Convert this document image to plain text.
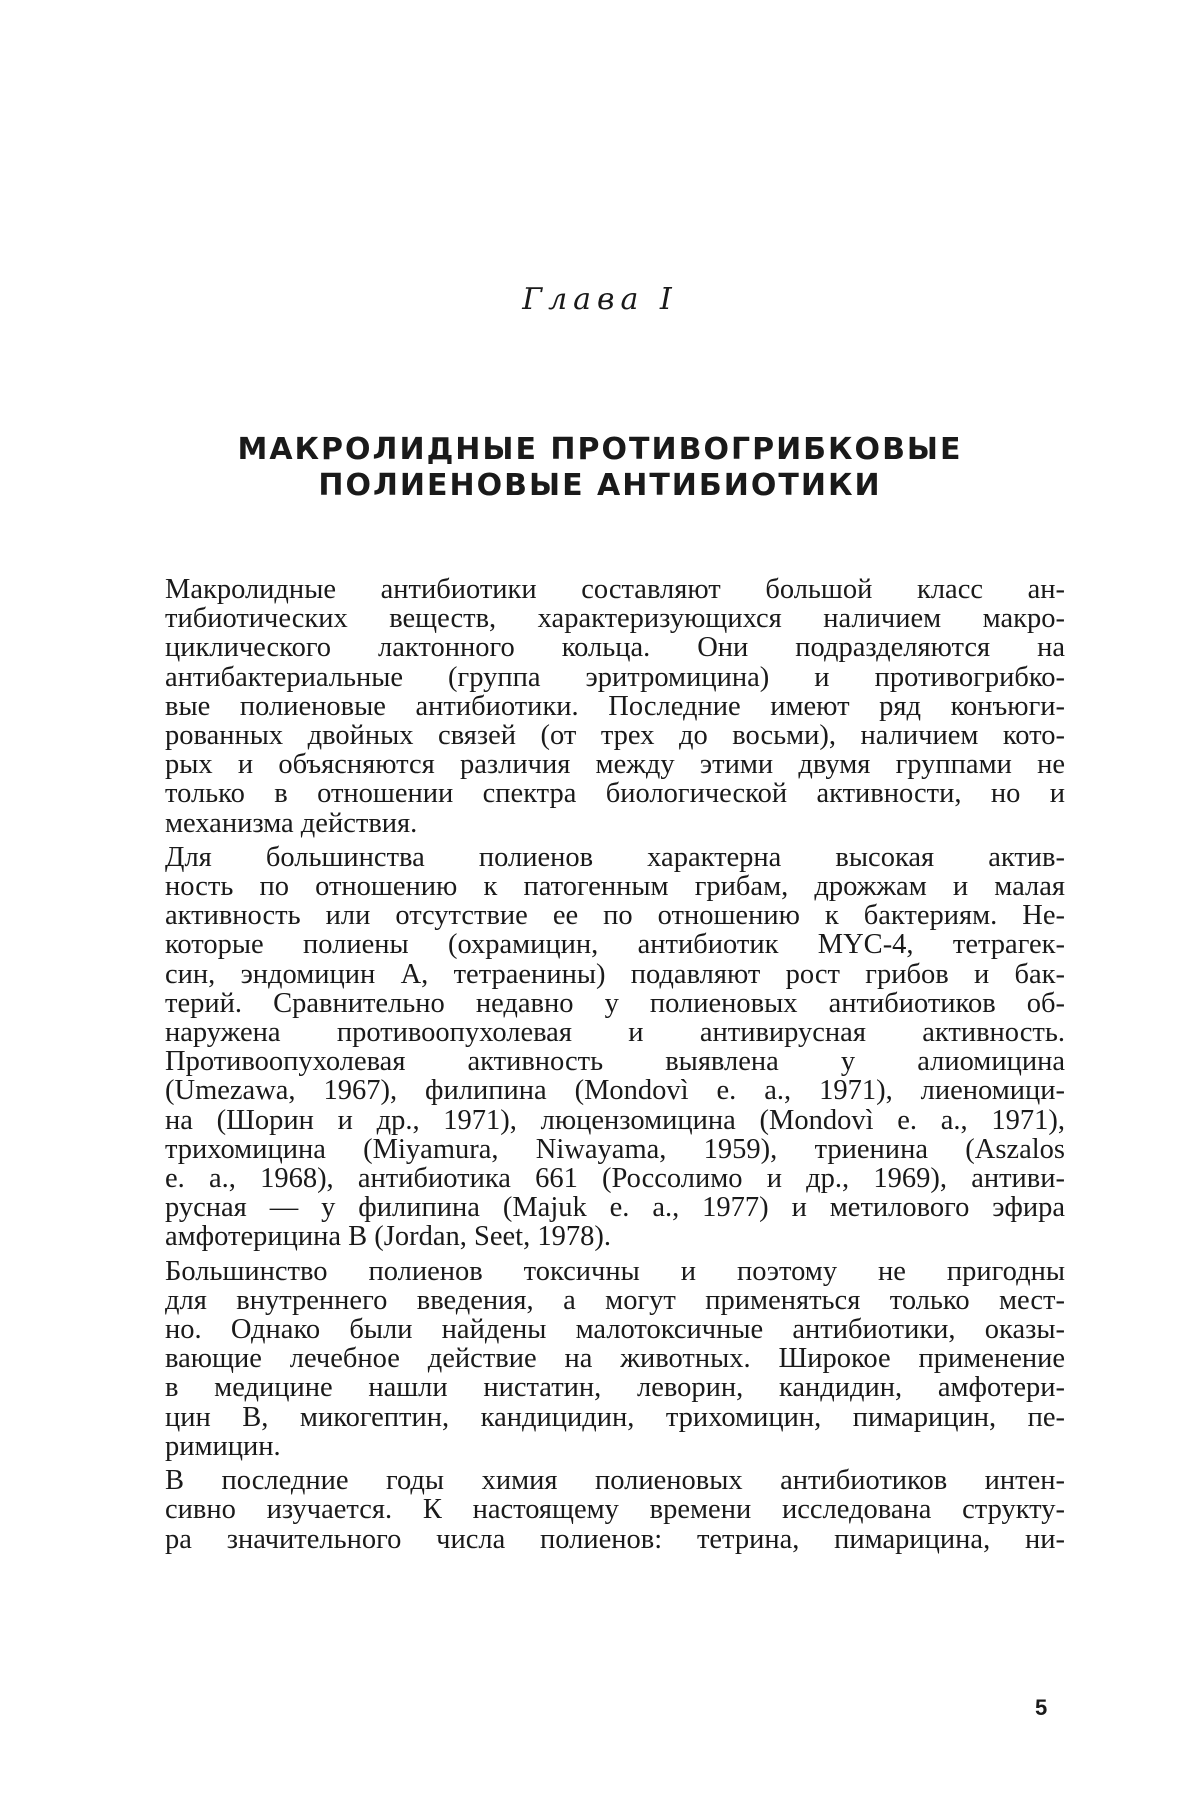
Глава I
МАКРОЛИДНЫЕ ПРОТИВОГРИБКОВЫЕ
ПОЛИЕНОВЫЕ АНТИБИОТИКИ

Макролидные антибиотики составляют большой класс ан-
тибиотических веществ, характеризующихся наличием макро-
циклического лактонного кольца. Они подразделяются на
антибактериальные (группа эритромицина) и противогрибко-
вые полиеновые антибиотики. Последние имеют ряд конъюги-
рованных двойных связей (от трех до восьми), наличием кото-
рых и объясняются различия между этими двумя группами не
только в отношении спектра биологической активности, но и
механизма действия.

Для большинства полиенов характерна высокая актив-
ность по отношению к патогенным грибам, дрожжам и малая
активность или отсутствие ее по отношению к бактериям. Не-
которые полиены (охрамицин, антибиотик MYC-4, тетрагек-
син, эндомицин А, тетраенины) подавляют рост грибов и бак-
терий. Сравнительно недавно у полиеновых антибиотиков об-
наружена противоопухолевая и антивирусная активность.
Противоопухолевая активность выявлена у алиомицина
(Umezawa, 1967), филипина (Mondovì e. a., 1971), лиеномици-
на (Шорин и др., 1971), люцензомицина (Mondovì e. a., 1971),
трихомицина (Miyamura, Niwayama, 1959), триенина (Aszalos
e. a., 1968), антибиотика 661 (Россолимо и др., 1969), антиви-
русная — у филипина (Majuk e. a., 1977) и метилового эфира
амфотерицина В (Jordan, Seet, 1978).

Большинство полиенов токсичны и поэтому не пригодны
для внутреннего введения, а могут применяться только мест-
но. Однако были найдены малотоксичные антибиотики, оказы-
вающие лечебное действие на животных. Широкое применение
в медицине нашли нистатин, леворин, кандидин, амфотери-
цин В, микогептин, кандицидин, трихомицин, пимарицин, пе-
римицин.

В последние годы химия полиеновых антибиотиков интен-
сивно изучается. К настоящему времени исследована структу-
ра значительного числа полиенов: тетрина, пимарицина, ни-

5
